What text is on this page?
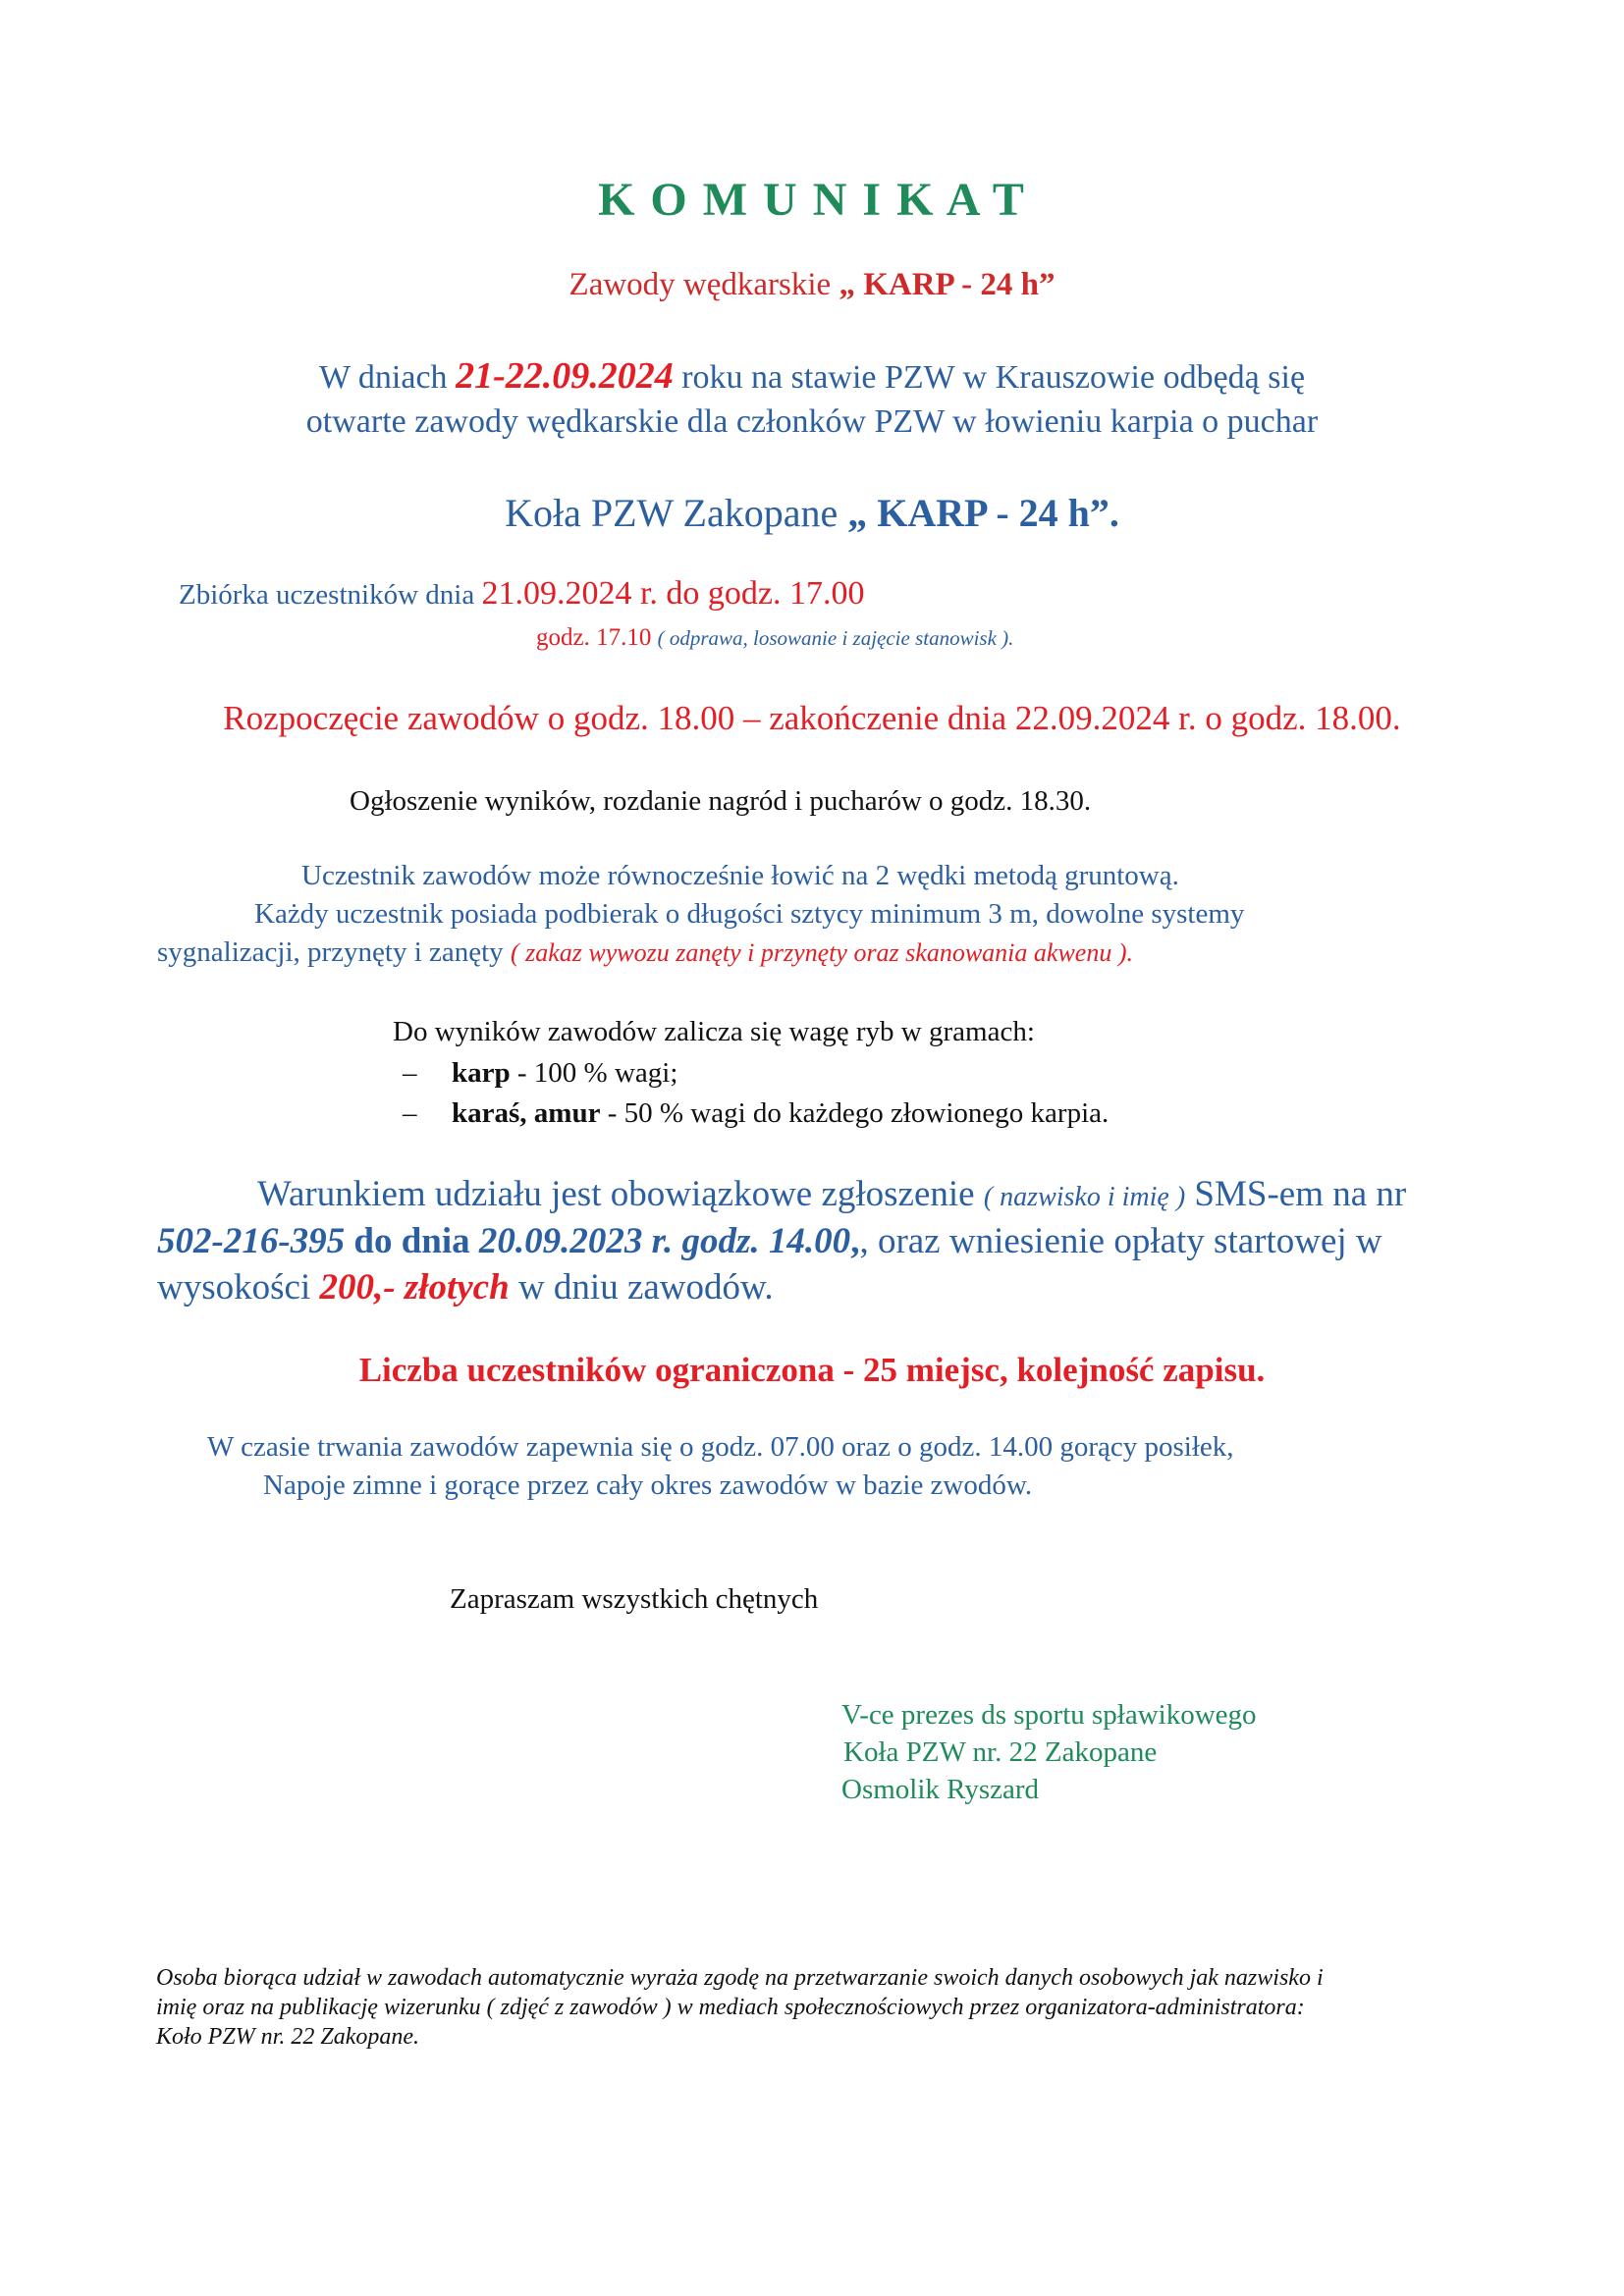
K O M U N I K A T
Zawody wędkarskie „ KARP - 24 h”
W dniach 21-22.09.2024 roku na stawie PZW w Krauszowie odbędą się
otwarte zawody wędkarskie dla członków PZW w łowieniu karpia o puchar
Koła PZW Zakopane „ KARP - 24 h”.
Zbiórka uczestników dnia 21.09.2024 r. do godz. 17.00
godz. 17.10 ( odprawa, losowanie i zajęcie stanowisk ).
Rozpoczęcie zawodów o godz. 18.00 – zakończenie dnia 22.09.2024 r. o godz. 18.00.
Ogłoszenie wyników, rozdanie nagród i pucharów o godz. 18.30.
Uczestnik zawodów może równocześnie łowić na 2 wędki metodą gruntową.
Każdy uczestnik posiada podbierak o długości sztycy minimum 3 m, dowolne systemy
sygnalizacji, przynęty i zanęty ( zakaz wywozu zanęty i przynęty oraz skanowania akwenu ).
Do wyników zawodów zalicza się wagę ryb w gramach:
– karp - 100 % wagi;
– karaś, amur - 50 % wagi do każdego złowionego karpia.
Warunkiem udziału jest obowiązkowe zgłoszenie ( nazwisko i imię ) SMS-em na nr
502-216-395 do dnia 20.09.2023 r. godz. 14.00,, oraz wniesienie opłaty startowej w
wysokości 200,- złotych w dniu zawodów.
Liczba uczestników ograniczona - 25 miejsc, kolejność zapisu.
W czasie trwania zawodów zapewnia się o godz. 07.00 oraz o godz. 14.00 gorący posiłek,
Napoje zimne i gorące przez cały okres zawodów w bazie zwodów.
Zapraszam wszystkich chętnych
V-ce prezes ds sportu spławikowego
Koła PZW nr. 22 Zakopane
Osmolik Ryszard
Osoba biorąca udział w zawodach automatycznie wyraża zgodę na przetwarzanie swoich danych osobowych jak nazwisko i
imię oraz na publikację wizerunku ( zdjęć z zawodów ) w mediach społecznościowych przez organizatora-administratora:
Koło PZW nr. 22 Zakopane.
